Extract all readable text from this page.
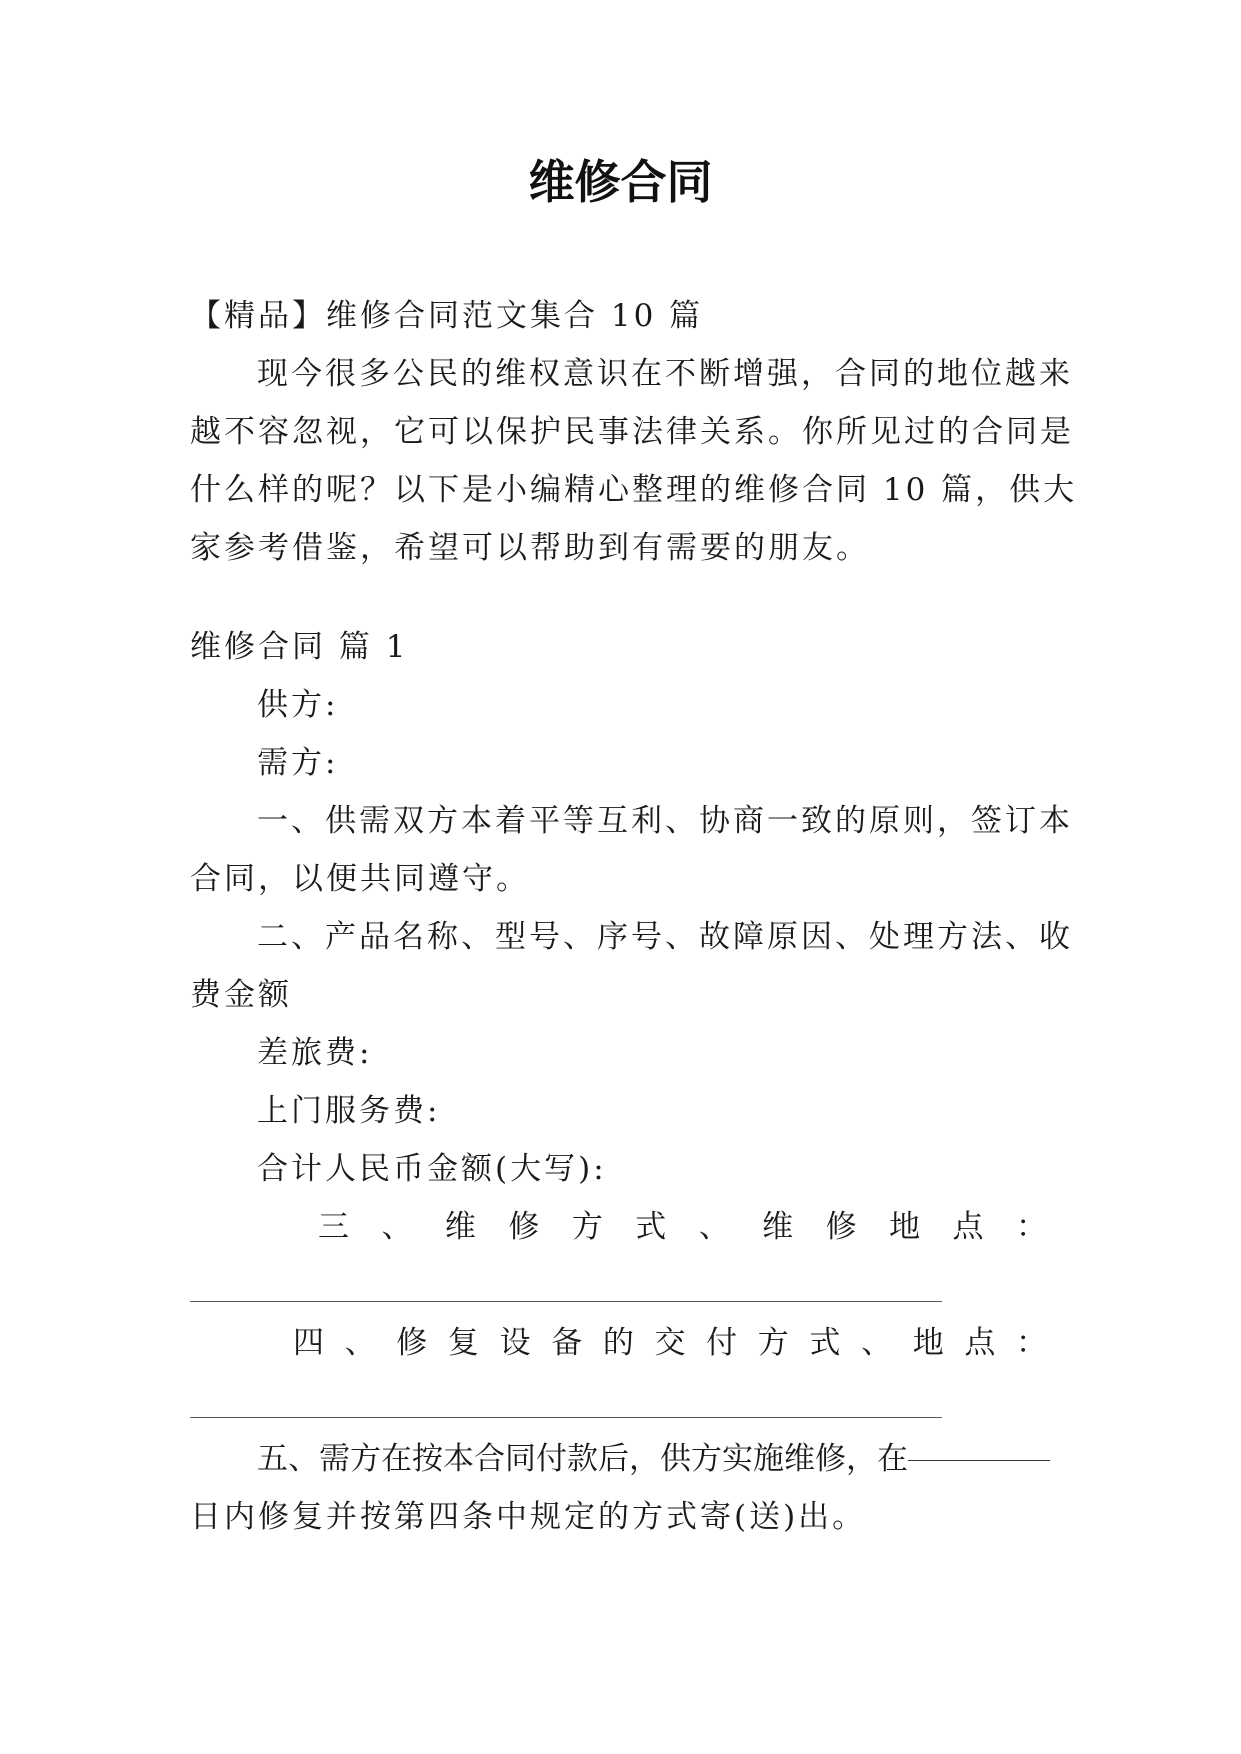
维修合同
【精品】维修合同范文集合 10 篇
现今很多公民的维权意识在不断增强，合同的地位越来
越不容忽视，它可以保护民事法律关系。你所见过的合同是
什么样的呢？以下是小编精心整理的维修合同 10 篇，供大
家参考借鉴，希望可以帮助到有需要的朋友。
维修合同 篇 1
供方:
需方:
一、供需双方本着平等互利、协商一致的原则，签订本
合同，以便共同遵守。
二、产品名称、型号、序号、故障原因、处理方法、收
费金额
差旅费:
上门服务费:
合计人民币金额(大写):
三 、 维 修 方 式 、 维 修 地 点 ：
四 、 修 复 设 备 的 交 付 方 式 、 地 点 ：
五、需方在按本合同付款后，供方实施维修，在
日内修复并按第四条中规定的方式寄(送)出。
